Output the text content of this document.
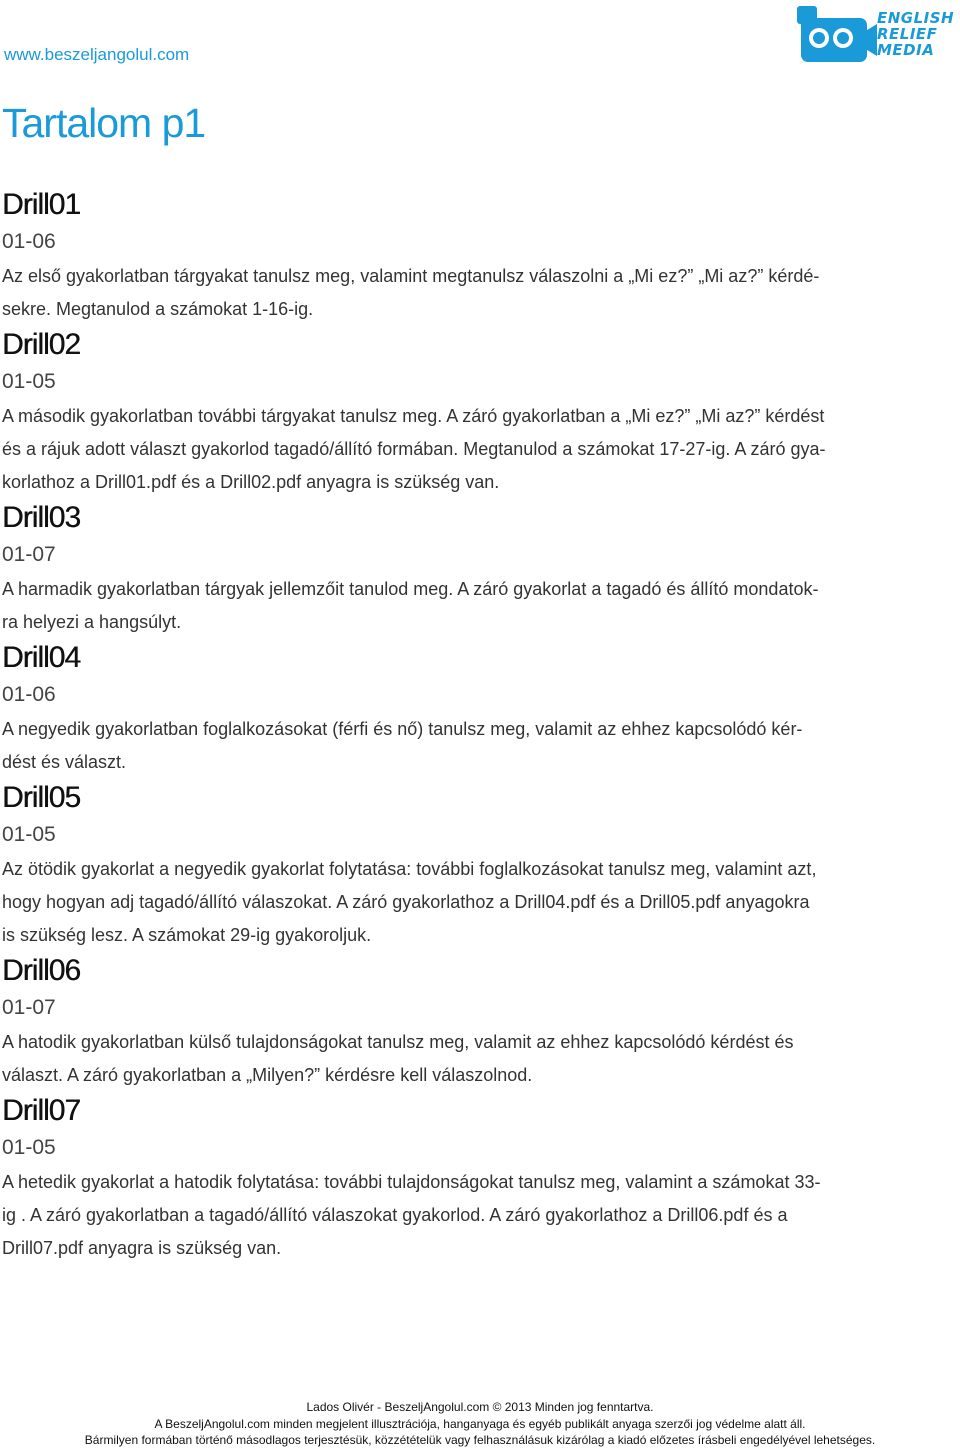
www.beszeljangolul.com
ENGLISH
RELIEF
MEDIA
Tartalom p1
Drill01

01-06

Az első gyakorlatban tárgyakat tanulsz meg, valamint megtanulsz válaszolni a „Mi ez?” „Mi az?” kérdé-
sekre. Megtanulod a számokat 1-16-ig.

Drill02

01-05

A második gyakorlatban további tárgyakat tanulsz meg. A záró gyakorlatban a „Mi ez?” „Mi az?” kérdést
és a rájuk adott választ gyakorlod tagadó/állító formában. Megtanulod a számokat 17-27-ig. A záró gya-
korlathoz a Drill01.pdf és a Drill02.pdf anyagra is szükség van.

Drill03

01-07

A harmadik gyakorlatban tárgyak jellemzőit tanulod meg. A záró gyakorlat a tagadó és állító mondatok-
ra helyezi a hangsúlyt.

Drill04

01-06

A negyedik gyakorlatban foglalkozásokat (férfi és nő) tanulsz meg, valamit az ehhez kapcsolódó kér-
dést és választ.

Drill05

01-05

Az ötödik gyakorlat a negyedik gyakorlat folytatása: további foglalkozásokat tanulsz meg, valamint azt,
hogy hogyan adj tagadó/állító válaszokat. A záró gyakorlathoz a Drill04.pdf és a Drill05.pdf anyagokra
is szükség lesz. A számokat 29-ig gyakoroljuk.

Drill06

01-07

A hatodik gyakorlatban külső tulajdonságokat tanulsz meg, valamit az ehhez kapcsolódó kérdést és
választ. A záró gyakorlatban a „Milyen?” kérdésre kell válaszolnod.

Drill07

01-05

A hetedik gyakorlat a hatodik folytatása: további tulajdonságokat tanulsz meg, valamint a számokat 33-
ig . A záró gyakorlatban a tagadó/állító válaszokat gyakorlod. A záró gyakorlathoz a Drill06.pdf és a
Drill07.pdf anyagra is szükség van.

Lados Olivér - BeszeljAngolul.com © 2013 Minden jog fenntartva.
A BeszeljAngolul.com minden megjelent illusztrációja, hanganyaga és egyéb publikált anyaga szerzői jog védelme alatt áll.
Bármilyen formában történő másodlagos terjesztésük, közzétételük vagy felhasználásuk kizárólag a kiadó előzetes írásbeli engedélyével lehetséges.
